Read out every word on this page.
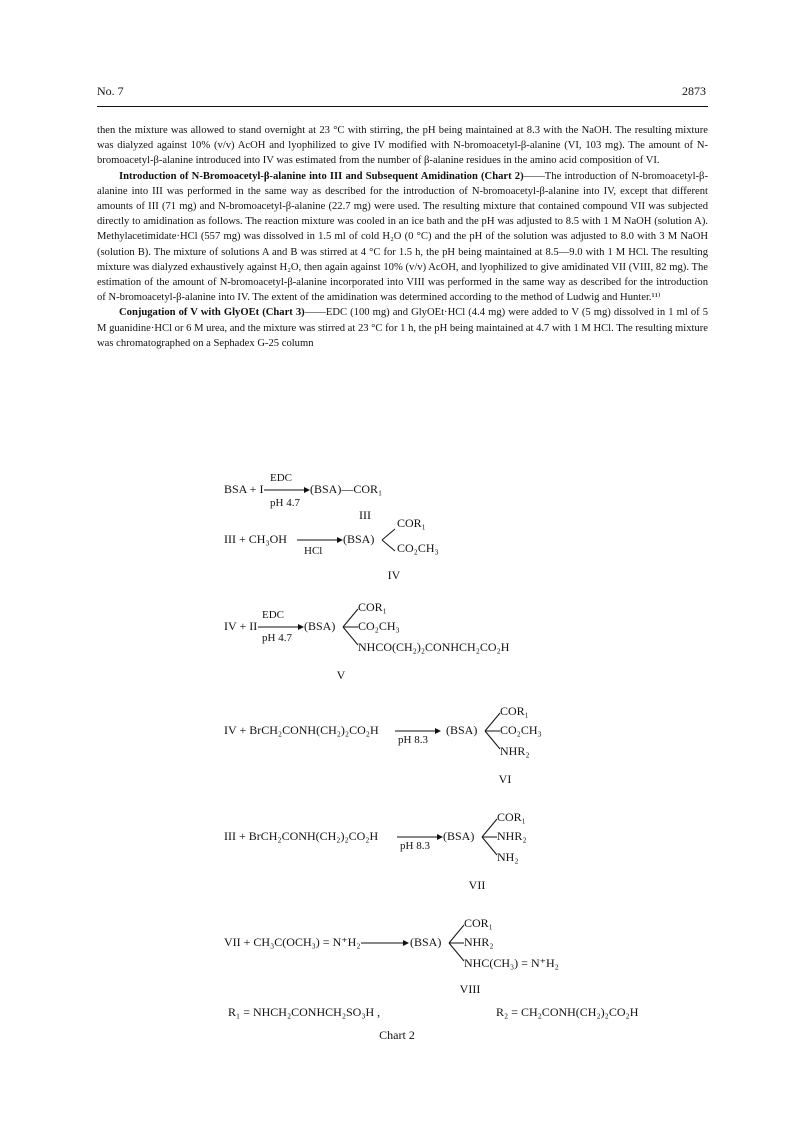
No. 7	2873

then the mixture was allowed to stand overnight at 23 °C with stirring, the pH being maintained at 8.3 with the NaOH. The resulting mixture was dialyzed against 10% (v/v) AcOH and lyophilized to give IV modified with N-bromoacetyl-β-alanine (VI, 103 mg). The amount of N-bromoacetyl-β-alanine introduced into IV was estimated from the number of β-alanine residues in the amino acid composition of VI.

Introduction of N-Bromoacetyl-β-alanine into III and Subsequent Amidination (Chart 2)——The introduction of N-bromoacetyl-β-alanine into III was performed in the same way as described for the introduction of N-bromoacetyl-β-alanine into IV, except that different amounts of III (71 mg) and N-bromoacetyl-β-alanine (22.7 mg) were used. The resulting mixture that contained compound VII was subjected directly to amidination as follows. The reaction mixture was cooled in an ice bath and the pH was adjusted to 8.5 with 1 M NaOH (solution A). Methylacetimidate·HCl (557 mg) was dissolved in 1.5 ml of cold H₂O (0 °C) and the pH of the solution was adjusted to 8.0 with 3 M NaOH (solution B). The mixture of solutions A and B was stirred at 4 °C for 1.5 h, the pH being maintained at 8.5—9.0 with 1 M HCl. The resulting mixture was dialyzed exhaustively against H₂O, then again against 10% (v/v) AcOH, and lyophilized to give amidinated VII (VIII, 82 mg). The estimation of the amount of N-bromoacetyl-β-alanine incorporated into VIII was performed in the same way as described for the introduction of N-bromoacetyl-β-alanine into IV. The extent of the amidination was determined according to the method of Ludwig and Hunter.¹¹⁾

Conjugation of V with GlyOEt (Chart 3)——EDC (100 mg) and GlyOEt·HCl (4.4 mg) were added to V (5 mg) dissolved in 1 ml of 5 M guanidine·HCl or 6 M urea, and the mixture was stirred at 23 °C for 1 h, the pH being maintained at 4.7 with 1 M HCl. The resulting mixture was chromatographed on a Sephadex G-25 column

BSA + I
EDC
pH 4.7
(BSA)—COR₁
III
III + CH₃OH →
HCl
(BSA)
COR₁
CO₂CH₃
IV
IV + II
EDC
pH 4.7
(BSA)
COR₁
CO₂CH₃
NHCO(CH₂)₂CONHCH₂CO₂H
V
IV + BrCH₂CONH(CH₂)₂CO₂H →
pH 8.3
(BSA)
COR₁
CO₂CH₃
NHR₂
VI
III + BrCH₂CONH(CH₂)₂CO₂H →
pH 8.3
(BSA)
COR₁
NHR₂
NH₂
VII
VII + CH₃C(OCH₃) = N⁺H₂ → (BSA)
COR₁
NHR₂
NHC(CH₃) = N⁺H₂
VIII
R₁ = NHCH₂CONHCH₂SO₃H ,	R₂ = CH₂CONH(CH₂)₂CO₂H
Chart 2
